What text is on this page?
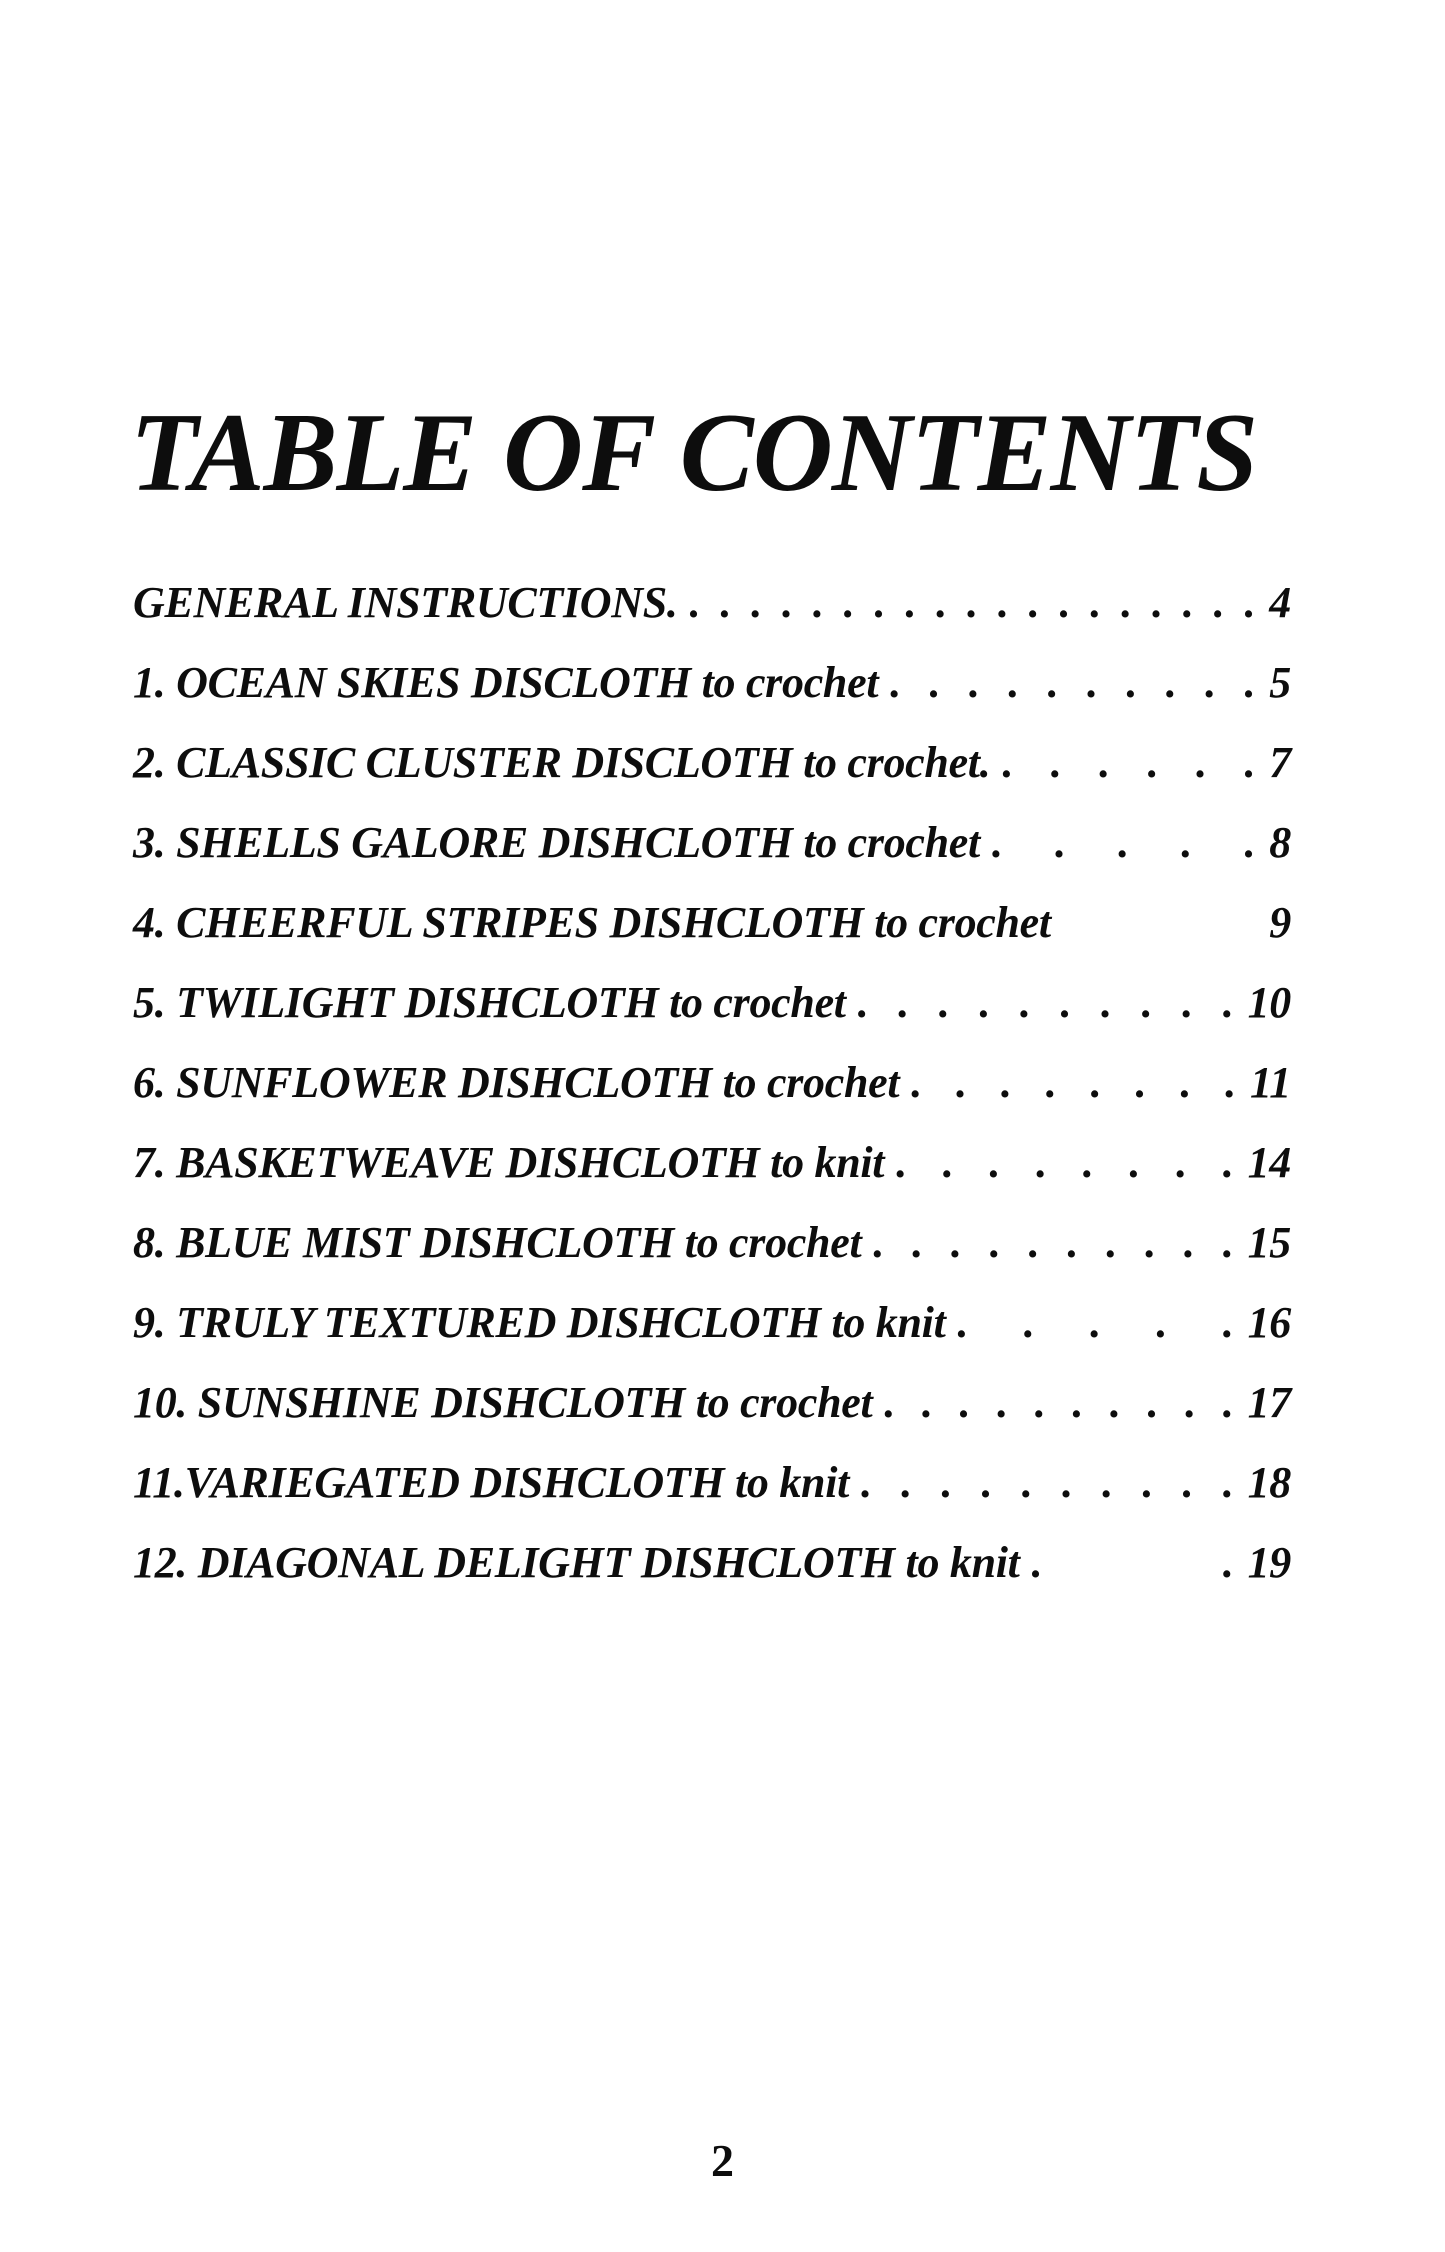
TABLE OF CONTENTS
GENERAL INSTRUCTIONS. . . . . . . . . . . . . . . . . . . . 4
1. OCEAN SKIES DISCLOTH to crochet . . . . . . . . . . 5
2. CLASSIC CLUSTER DISCLOTH to crochet. . . . . . . 7
3. SHELLS GALORE DISHCLOTH to crochet . . . . . 8
4. CHEERFUL STRIPES DISHCLOTH to crochet	9
5. TWILIGHT DISHCLOTH to crochet . . . . . . . . . . 10
6. SUNFLOWER DISHCLOTH to crochet . . . . . . . . 11
7. BASKETWEAVE DISHCLOTH to knit . . . . . . . . 14
8. BLUE MIST DISHCLOTH to crochet . . . . . . . . . . 15
9. TRULY TEXTURED DISHCLOTH to knit . . . . . 16
10. SUNSHINE DISHCLOTH to crochet . . . . . . . . . . 17
11.VARIEGATED DISHCLOTH to knit . . . . . . . . . . 18
12. DIAGONAL DELIGHT DISHCLOTH to knit . . 19
2
